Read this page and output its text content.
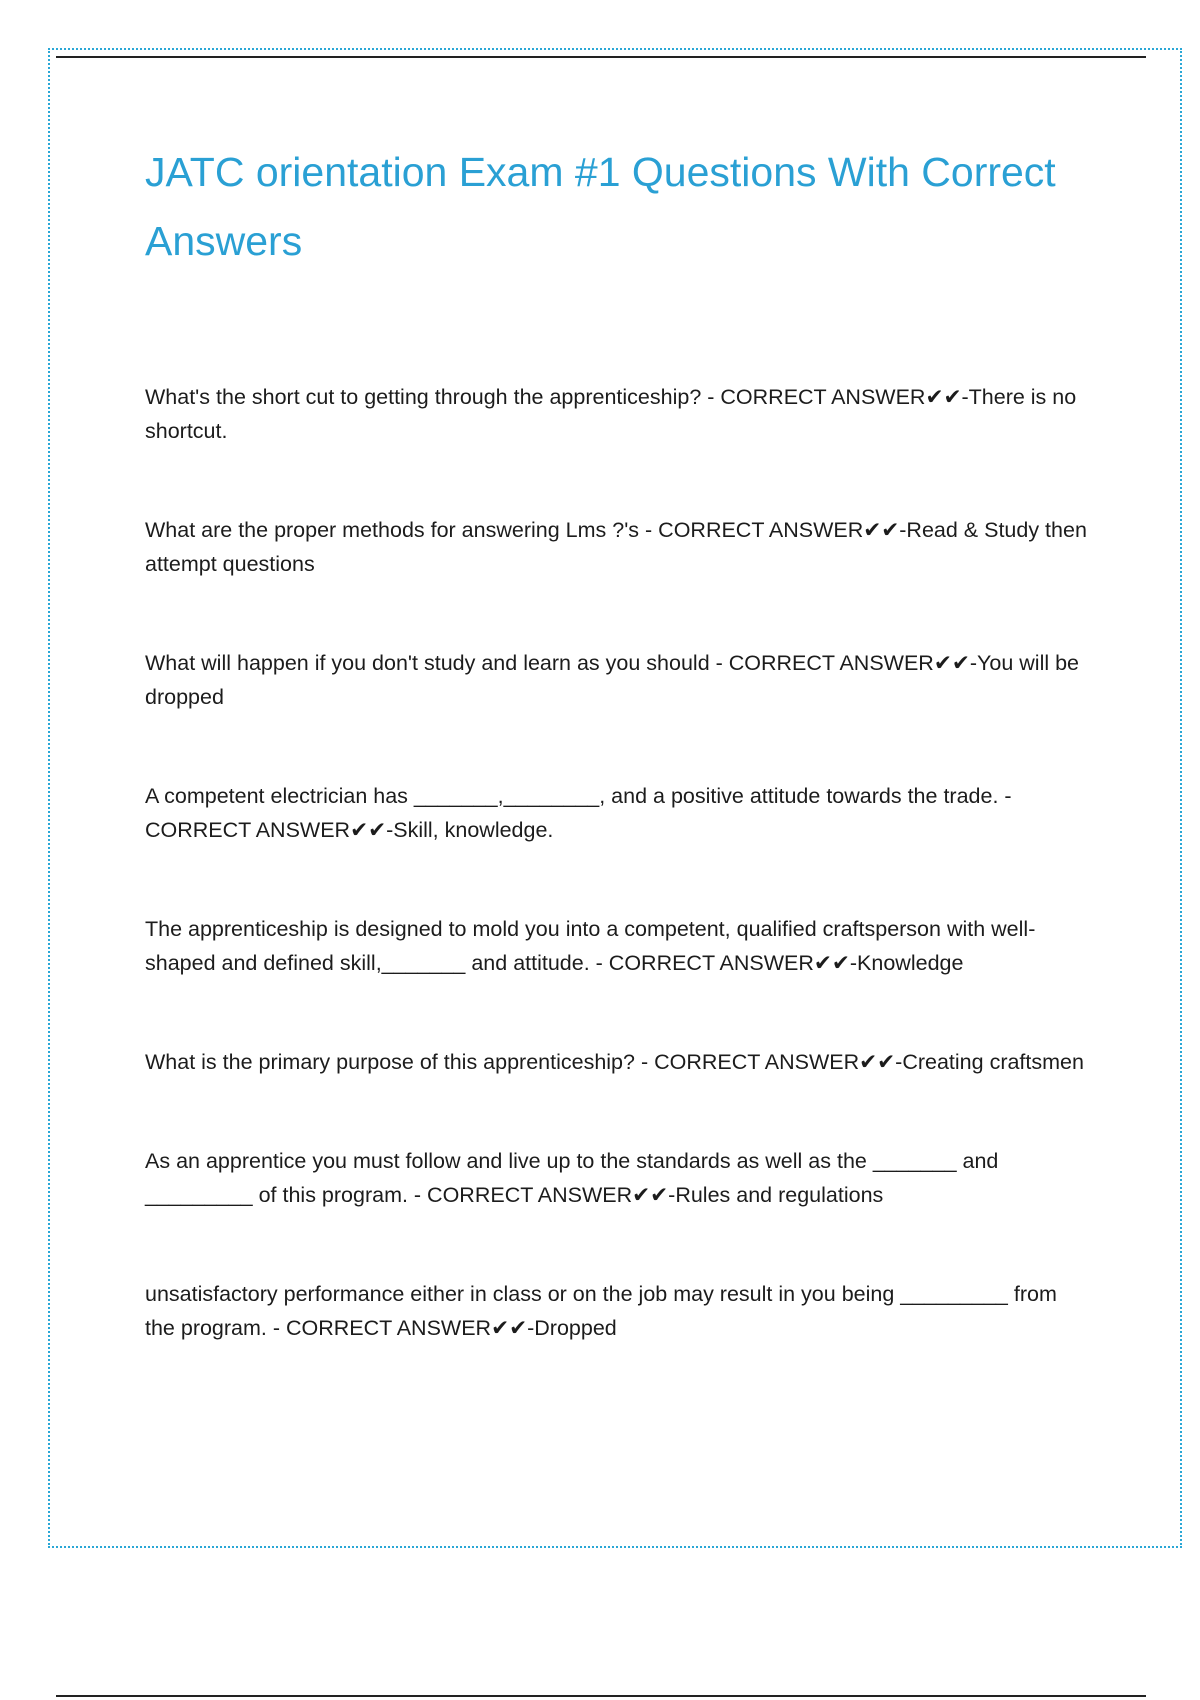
JATC orientation Exam #1 Questions With Correct Answers

What's the short cut to getting through the apprenticeship? - CORRECT ANSWER✔✔-There is no shortcut.

What are the proper methods for answering Lms ?'s - CORRECT ANSWER✔✔-Read & Study then attempt questions

What will happen if you don't study and learn as you should - CORRECT ANSWER✔✔-You will be dropped

A competent electrician has _______,________, and a positive attitude towards the trade. - CORRECT ANSWER✔✔-Skill, knowledge.

The apprenticeship is designed to mold you into a competent, qualified craftsperson with well-shaped and defined skill,_______ and attitude. - CORRECT ANSWER✔✔-Knowledge

What is the primary purpose of this apprenticeship? - CORRECT ANSWER✔✔-Creating craftsmen

As an apprentice you must follow and live up to the standards as well as the _______ and _________ of this program. - CORRECT ANSWER✔✔-Rules and regulations

unsatisfactory performance either in class or on the job may result in you being _________ from the program. - CORRECT ANSWER✔✔-Dropped
